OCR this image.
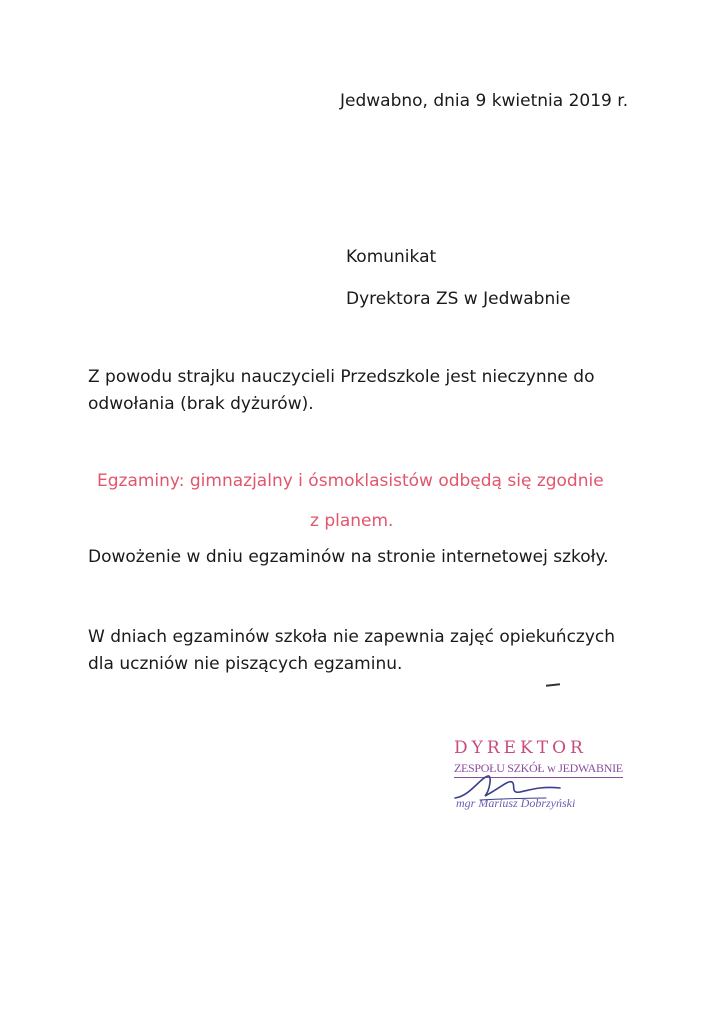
Jedwabno, dnia 9 kwietnia 2019 r.
Komunikat
Dyrektora ZS w Jedwabnie
Z powodu strajku nauczycieli Przedszkole jest nieczynne do
odwołania (brak dyżurów).
Egzaminy: gimnazjalny i ósmoklasistów odbędą się zgodnie
z planem.
Dowożenie w dniu egzaminów na stronie internetowej szkoły.
W dniach egzaminów szkoła nie zapewnia zajęć opiekuńczych
dla uczniów nie piszących egzaminu.
DYREKTOR
ZESPOŁU SZKÓŁ w JEDWABNIE
mgr Mariusz Dobrzyński
